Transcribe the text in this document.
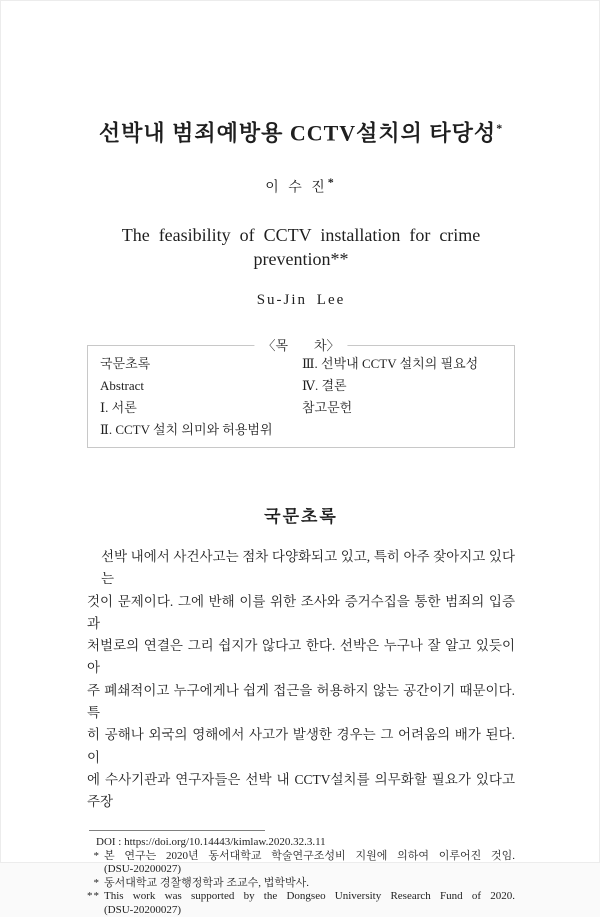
선박내 범죄예방용 CCTV설치의 타당성*
이 수 진*
The feasibility of CCTV installation for crime
prevention**
Su-Jin Lee
〈목　　차〉
국문초록
Abstract
Ⅰ. 서론
Ⅱ. CCTV 설치 의미와 허용범위
Ⅲ. 선박내 CCTV 설치의 필요성
Ⅳ. 결론
참고문헌
국문초록
선박 내에서 사건사고는 점차 다양화되고 있고, 특히 아주 잦아지고 있다는
것이 문제이다. 그에 반해 이를 위한 조사와 증거수집을 통한 범죄의 입증과
처벌로의 연결은 그리 쉽지가 않다고 한다. 선박은 누구나 잘 알고 있듯이 아
주 폐쇄적이고 누구에게나 쉽게 접근을 허용하지 않는 공간이기 때문이다. 특
히 공해나 외국의 영해에서 사고가 발생한 경우는 그 어려움의 배가 된다. 이
에 수사기관과 연구자들은 선박 내 CCTV설치를 의무화할 필요가 있다고 주장
DOI : https://doi.org/10.14443/kimlaw.2020.32.3.11
* 본 연구는 2020년 동서대학교 학술연구조성비 지원에 의하여 이루어진 것임.
(DSU-20200027)
* 동서대학교 경찰행정학과 조교수, 법학박사.
** This work was supported by the Dongseo University Research Fund of 2020.
(DSU-20200027)
